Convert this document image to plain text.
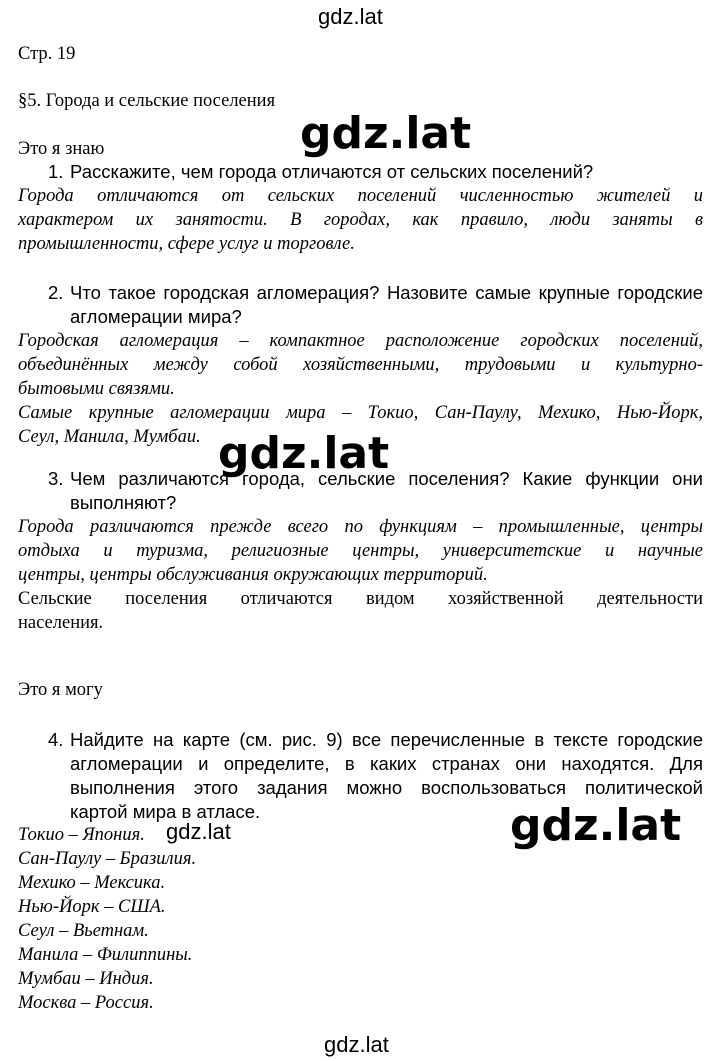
gdz.lat
gdz.lat
gdz.lat
gdz.lat	gdz.lat
gdz.lat
Стр. 19
§5. Города и сельские поселения
Это я знаю
1. Расскажите, чем города отличаются от сельских поселений?
Города отличаются от сельских поселений численностью жителей и
характером их занятости. В городах, как правило, люди заняты в
промышленности, сфере услуг и торговле.
2. Что такое городская агломерация? Назовите самые крупные городские
агломерации мира?
Городская агломерация – компактное расположение городских поселений,
объединённых между собой хозяйственными, трудовыми и культурно-
бытовыми связями.
Самые крупные агломерации мира – Токио, Сан-Паулу, Мехико, Нью-Йорк,
Сеул, Манила, Мумбаи.
3. Чем различаются города, сельские поселения? Какие функции они
выполняют?
Города различаются прежде всего по функциям – промышленные, центры
отдыха и туризма, религиозные центры, университетские и научные
центры, центры обслуживания окружающих территорий.
Сельские поселения отличаются видом хозяйственной деятельности
населения.
Это я могу
4. Найдите на карте (см. рис. 9) все перечисленные в тексте городские
агломерации и определите, в каких странах они находятся. Для
выполнения этого задания можно воспользоваться политической
картой мира в атласе.
Токио – Япония.
Сан-Паулу – Бразилия.
Мехико – Мексика.
Нью-Йорк – США.
Сеул – Вьетнам.
Манила – Филиппины.
Мумбаи – Индия.
Москва – Россия.
